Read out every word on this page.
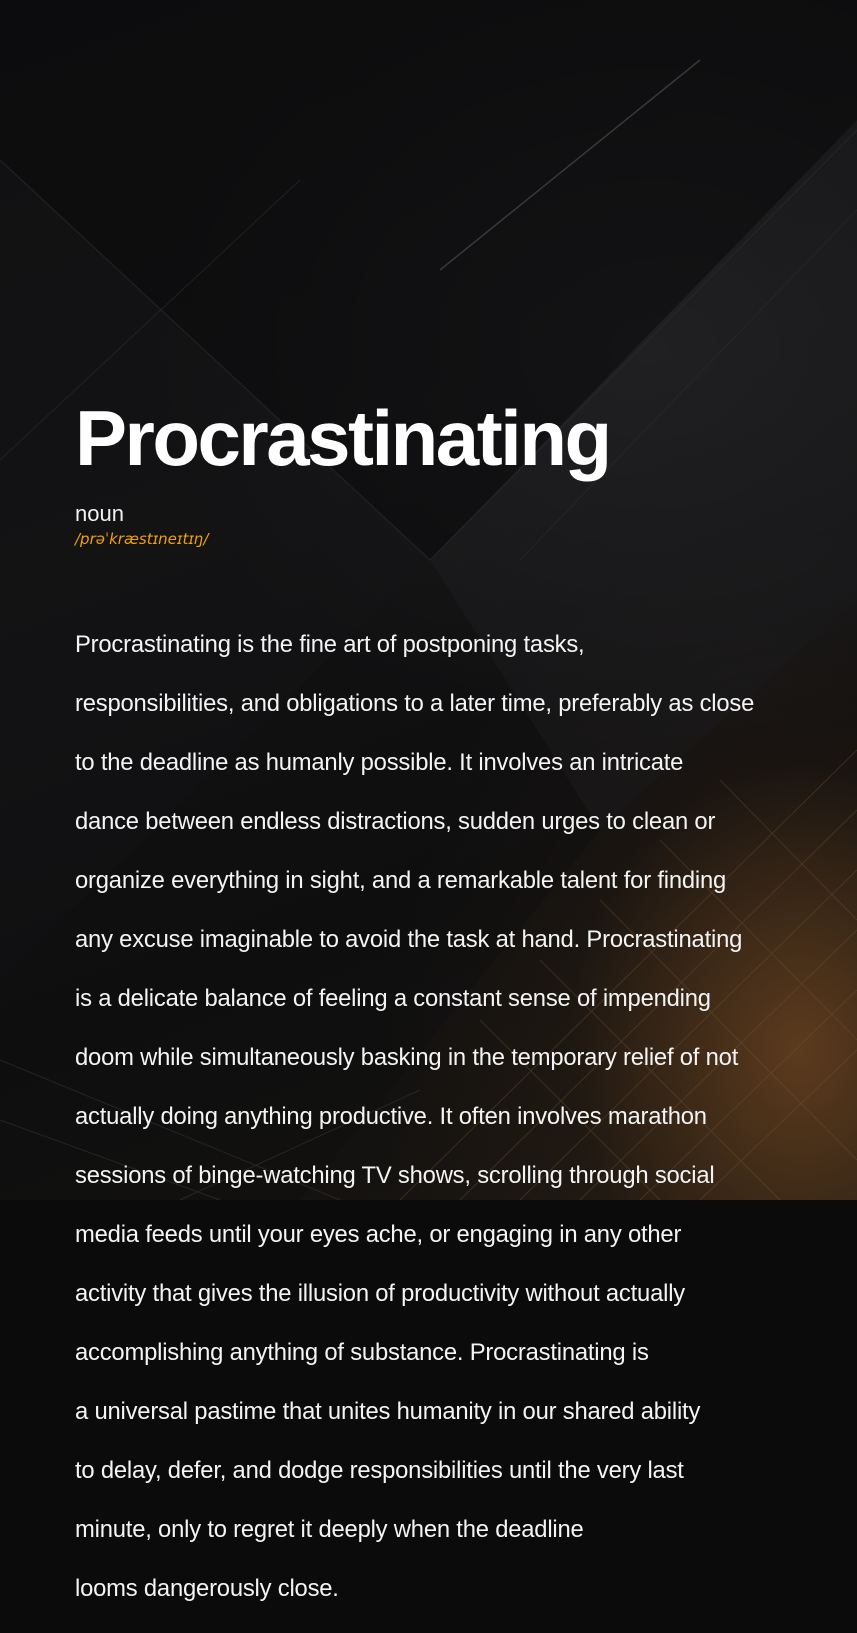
Procrastinating
noun
/prəˈkræstɪneɪtɪŋ/

Procrastinating is the fine art of postponing tasks,

responsibilities, and obligations to a later time, preferably as close

to the deadline as humanly possible. It involves an intricate

dance between endless distractions, sudden urges to clean or

organize everything in sight, and a remarkable talent for finding

any excuse imaginable to avoid the task at hand. Procrastinating

is a delicate balance of feeling a constant sense of impending

doom while simultaneously basking in the temporary relief of not

actually doing anything productive. It often involves marathon

sessions of binge-watching TV shows, scrolling through social

media feeds until your eyes ache, or engaging in any other

activity that gives the illusion of productivity without actually

accomplishing anything of substance. Procrastinating is

a universal pastime that unites humanity in our shared ability

to delay, defer, and dodge responsibilities until the very last

minute, only to regret it deeply when the deadline

looms dangerously close.
